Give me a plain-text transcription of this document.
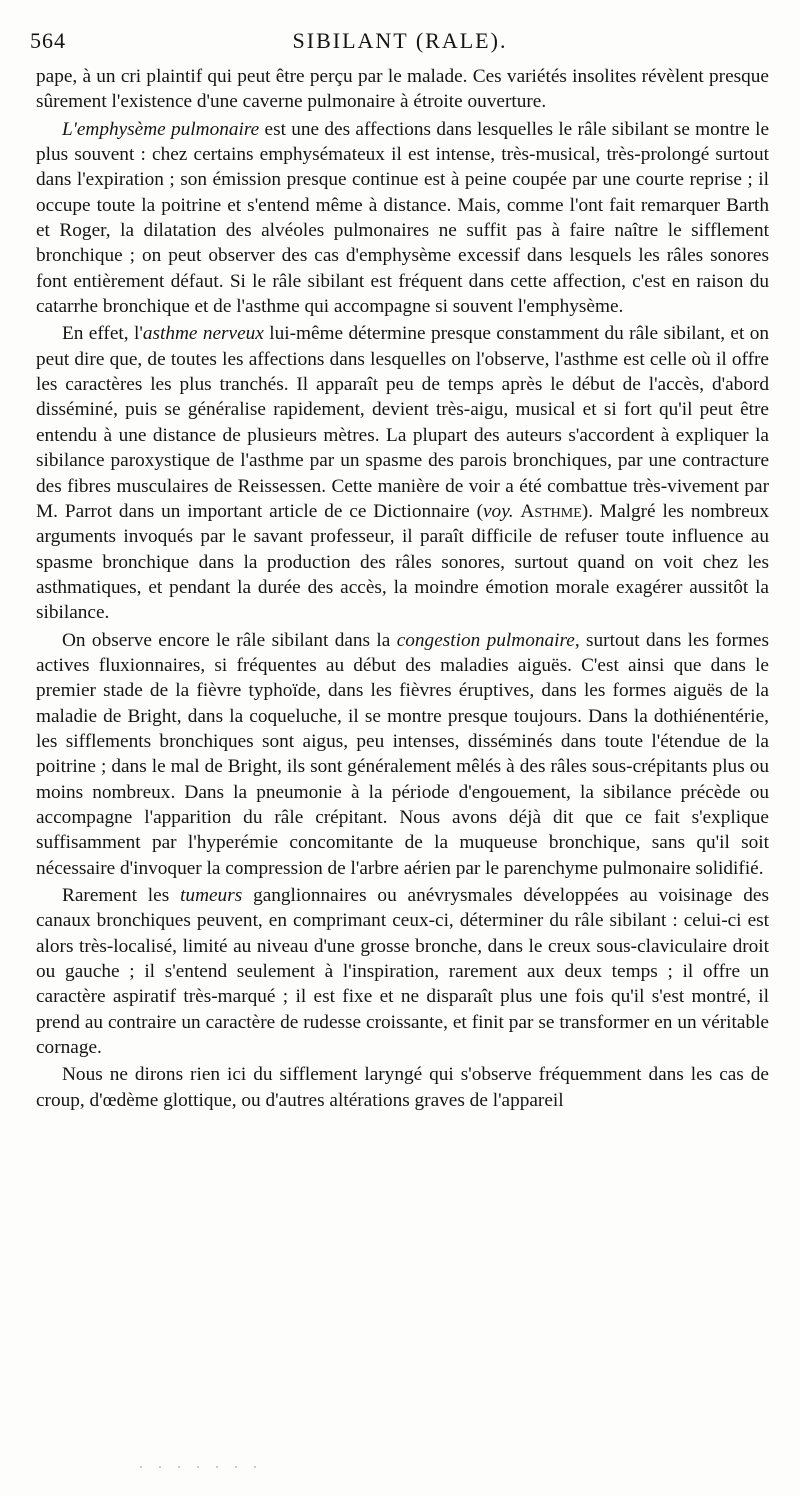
564	SIBILANT (RALE).

pape, à un cri plaintif qui peut être perçu par le malade. Ces variétés insolites révèlent presque sûrement l'existence d'une caverne pulmonaire à étroite ouverture.

L'emphysème pulmonaire est une des affections dans lesquelles le râle sibilant se montre le plus souvent : chez certains emphysémateux il est intense, très-musical, très-prolongé surtout dans l'expiration ; son émission presque continue est à peine coupée par une courte reprise ; il occupe toute la poitrine et s'entend même à distance. Mais, comme l'ont fait remarquer Barth et Roger, la dilatation des alvéoles pulmonaires ne suffit pas à faire naître le sifflement bronchique ; on peut observer des cas d'emphysème excessif dans lesquels les râles sonores font entièrement défaut. Si le râle sibilant est fréquent dans cette affection, c'est en raison du catarrhe bronchique et de l'asthme qui accompagne si souvent l'emphysème.

En effet, l'asthme nerveux lui-même détermine presque constamment du râle sibilant, et on peut dire que, de toutes les affections dans lesquelles on l'observe, l'asthme est celle où il offre les caractères les plus tranchés. Il apparaît peu de temps après le début de l'accès, d'abord disséminé, puis se généralise rapidement, devient très-aigu, musical et si fort qu'il peut être entendu à une distance de plusieurs mètres. La plupart des auteurs s'accordent à expliquer la sibilance paroxystique de l'asthme par un spasme des parois bronchiques, par une contracture des fibres musculaires de Reissessen. Cette manière de voir a été combattue très-vivement par M. Parrot dans un important article de ce Dictionnaire (voy. Asthme). Malgré les nombreux arguments invoqués par le savant professeur, il paraît difficile de refuser toute influence au spasme bronchique dans la production des râles sonores, surtout quand on voit chez les asthmatiques, et pendant la durée des accès, la moindre émotion morale exagérer aussitôt la sibilance.

On observe encore le râle sibilant dans la congestion pulmonaire, surtout dans les formes actives fluxionnaires, si fréquentes au début des maladies aiguës. C'est ainsi que dans le premier stade de la fièvre typhoïde, dans les fièvres éruptives, dans les formes aiguës de la maladie de Bright, dans la coqueluche, il se montre presque toujours. Dans la dothiénentérie, les sifflements bronchiques sont aigus, peu intenses, disséminés dans toute l'étendue de la poitrine ; dans le mal de Bright, ils sont généralement mêlés à des râles sous-crépitants plus ou moins nombreux. Dans la pneumonie à la période d'engouement, la sibilance précède ou accompagne l'apparition du râle crépitant. Nous avons déjà dit que ce fait s'explique suffisamment par l'hyperémie concomitante de la muqueuse bronchique, sans qu'il soit nécessaire d'invoquer la compression de l'arbre aérien par le parenchyme pulmonaire solidifié.

Rarement les tumeurs ganglionnaires ou anévrysmales développées au voisinage des canaux bronchiques peuvent, en comprimant ceux-ci, déterminer du râle sibilant : celui-ci est alors très-localisé, limité au niveau d'une grosse bronche, dans le creux sous-claviculaire droit ou gauche ; il s'entend seulement à l'inspiration, rarement aux deux temps ; il offre un caractère aspiratif très-marqué ; il est fixe et ne disparaît plus une fois qu'il s'est montré, il prend au contraire un caractère de rudesse croissante, et finit par se transformer en un véritable cornage.

Nous ne dirons rien ici du sifflement laryngé qui s'observe fréquemment dans les cas de croup, d'œdème glottique, ou d'autres altérations graves de l'appareil
